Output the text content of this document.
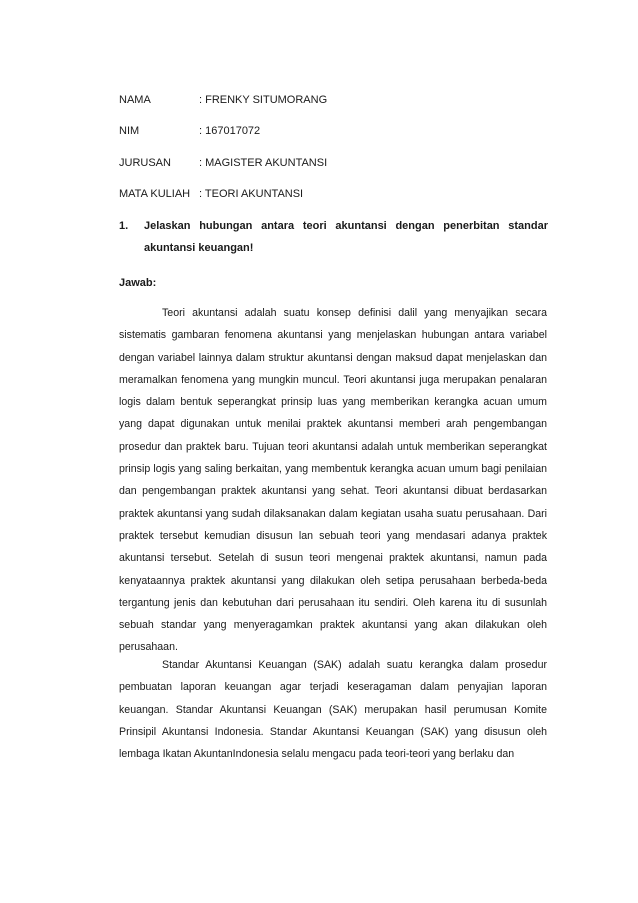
NAMA	: FRENKY SITUMORANG
NIM	: 167017072
JURUSAN	: MAGISTER AKUNTANSI
MATA KULIAH : TEORI AKUNTANSI
1. Jelaskan hubungan antara teori akuntansi dengan penerbitan standar akuntansi keuangan!
Jawab:

Teori akuntansi adalah suatu konsep definisi dalil yang menyajikan secara sistematis gambaran fenomena akuntansi yang menjelaskan hubungan antara variabel dengan variabel lainnya dalam struktur akuntansi dengan maksud dapat menjelaskan dan meramalkan fenomena yang mungkin muncul. Teori akuntansi juga merupakan penalaran logis dalam bentuk seperangkat prinsip luas yang memberikan kerangka acuan umum yang dapat digunakan untuk menilai praktek akuntansi memberi arah pengembangan prosedur dan praktek baru. Tujuan teori akuntansi adalah untuk memberikan seperangkat prinsip logis yang saling berkaitan, yang membentuk kerangka acuan umum bagi penilaian dan pengembangan praktek akuntansi yang sehat. Teori akuntansi dibuat berdasarkan praktek akuntansi yang sudah dilaksanakan dalam kegiatan usaha suatu perusahaan. Dari praktek tersebut kemudian disusun lan sebuah teori yang mendasari adanya praktek akuntansi tersebut. Setelah di susun teori mengenai praktek akuntansi, namun pada kenyataannya praktek akuntansi yang dilakukan oleh setipa perusahaan berbeda-beda tergantung jenis dan kebutuhan dari perusahaan itu sendiri. Oleh karena itu di susunlah sebuah standar yang menyeragamkan praktek akuntansi yang akan dilakukan oleh perusahaan.

Standar Akuntansi Keuangan (SAK) adalah suatu kerangka dalam prosedur pembuatan laporan keuangan agar terjadi keseragaman dalam penyajian laporan keuangan. Standar Akuntansi Keuangan (SAK) merupakan hasil perumusan Komite Prinsipil Akuntansi Indonesia. Standar Akuntansi Keuangan (SAK) yang disusun oleh lembaga Ikatan AkuntanIndonesia selalu mengacu pada teori-teori yang berlaku dan
